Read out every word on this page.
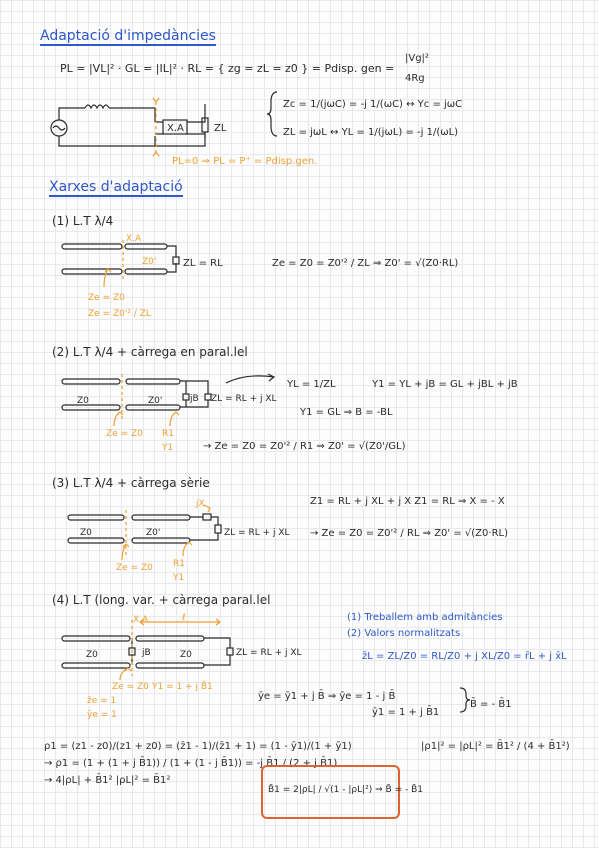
Adaptació d'impedàncies
PL = |VL|² · GL = |IL|² · RL = { zg = zL = z0 } = Pdisp. gen =
|Vg|²
4Rg
X.A	ZL
PL=0 ⇒ PL = P⁺ = Pdisp.gen.
Zc = 1/(jωC) = -j 1/(ωC) ↔ Yc = jωC
ZL = jωL ↔ YL = 1/(jωL) = -j 1/(ωL)
Xarxes d'adaptació
(1) L.T λ/4
X.A
Z0'	ZL = RL	Ze = Z0 = Z0'² / ZL ⇒ Z0' = √(Z0·RL)
Ze = Z0
Ze = Z0'² / ZL
(2) L.T λ/4 + càrrega en paral.lel
Z0	Z0'	jB ZL = RL + j XL
YL = 1/ZL	Y1 = YL + jB = GL + jBL + jB
Y1 = GL ⇒ B = -BL
→ Ze = Z0 = Z0'² / R1 ⇒ Z0' = √(Z0'/GL)
Ze = Z0 R1
Y1
(3) L.T λ/4 + càrrega sèrie
jX
Z0	Z0'	ZL = RL + j XL
Z1 = RL + j XL + j X Z1 = RL ⇒ X = - X
→ Ze = Z0 = Z0'² / RL ⇒ Z0' = √(Z0·RL)
Ze = Z0 R1
Y1
(4) L.T (long. var. + càrrega paral.lel
X.A	ℓ
Z0	jB	Z0	ZL = RL + j XL
(1) Treballem amb admitàncies
(2) Valors normalitzats
z̄L = ZL/Z0 = RL/Z0 + j XL/Z0 = r̄L + j x̄L
Ze = Z0 Y1 = 1 + j B̄1
z̄e = 1
ȳe = 1
ȳe = ȳ1 + j B̄ ⇒ ȳe = 1 - j B̄
ȳ1 = 1 + j B̄1
B̄ = - B̄1
ρ1 = (z1 - z0)/(z1 + z0) = (z̄1 - 1)/(z̄1 + 1) = (1 - ȳ1)/(1 + ȳ1)
→ ρ1 = (1 + (1 + j B̄1)) / (1 + (1 - j B̄1)) = -j B̄1 / (2 + j B̄1)
|ρ1|² = |ρL|² = B̄1² / (4 + B̄1²)
→ 4|ρL| + B̄1² |ρL|² = B̄1²
B̄1 = 2|ρL| / √(1 - |ρL|²) ⇒ B̄ = - B̄1
